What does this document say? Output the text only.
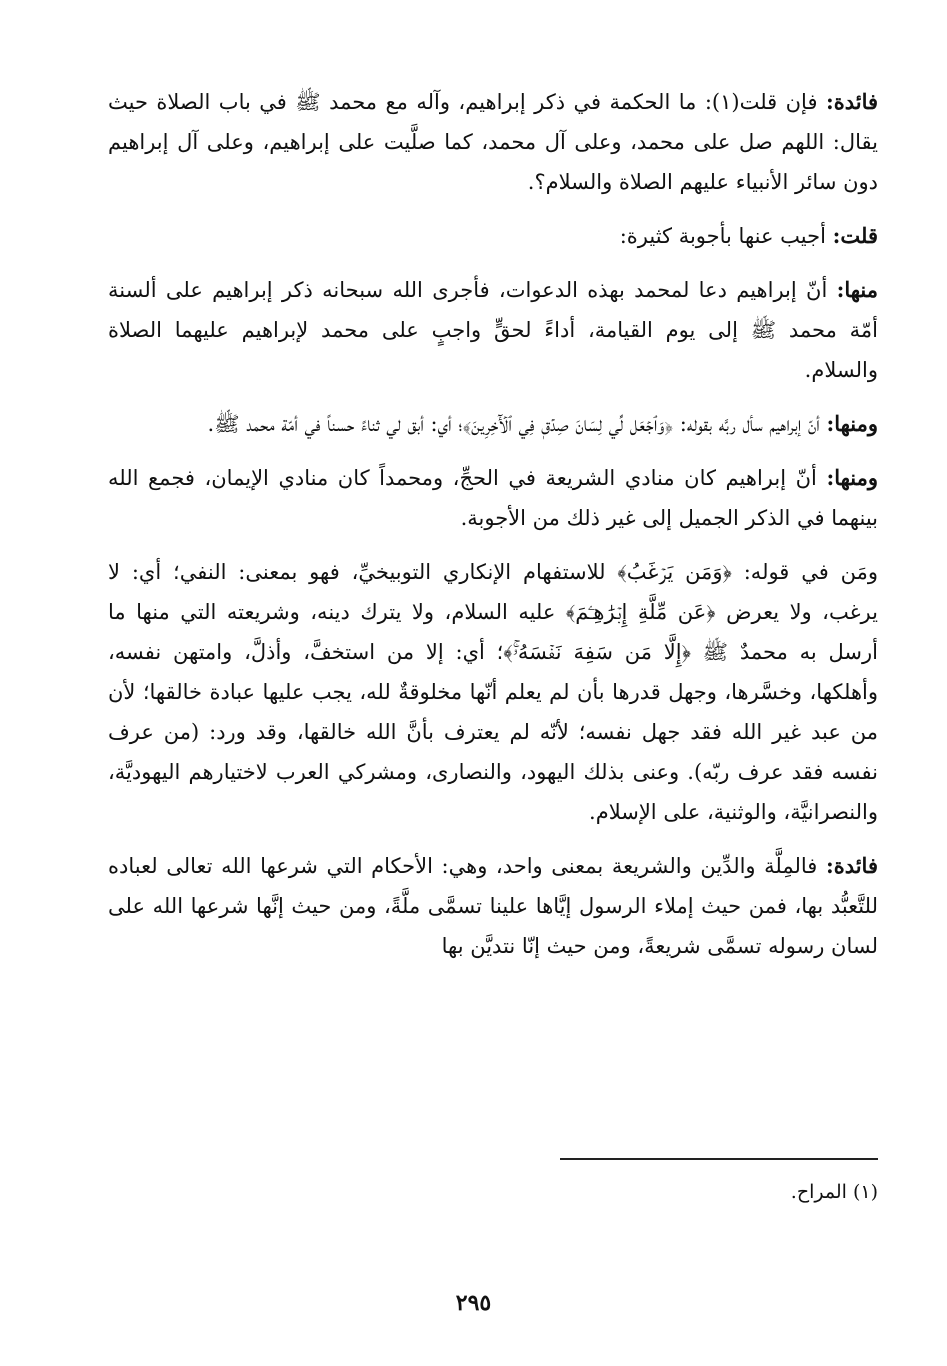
فائدة: فإن قلت(١): ما الحكمة في ذكر إبراهيم، وآله مع محمد ﷺ في باب الصلاة حيث يقال: اللهم صل على محمد، وعلى آل محمد، كما صلَّيت على إبراهيم، وعلى آل إبراهيم دون سائر الأنبياء عليهم الصلاة والسلام؟.

قلت: أجيب عنها بأجوبة كثيرة:

منها: أنّ إبراهيم دعا لمحمد بهذه الدعوات، فأجرى الله سبحانه ذكر إبراهيم على ألسنة أمّة محمد ﷺ إلى يوم القيامة، أداءً لحقٍّ واجبٍ على محمد لإبراهيم عليهما الصلاة والسلام.

ومنها: أنّ إبراهيم سأل ربَّه بقوله: ﴿وَٱجۡعَل لِّي لِسَانَ صِدۡقٖ فِي ٱلۡأٓخِرِينَ﴾؛ أي: أبق لي ثناءً حسناً في أمّة محمد ﷺ.

ومنها: أنّ إبراهيم كان منادي الشريعة في الحجِّ، ومحمداً كان منادي الإيمان، فجمع الله بينهما في الذكر الجميل إلى غير ذلك من الأجوبة.

ومَن في قوله: ﴿وَمَن يَرۡغَبُ﴾ للاستفهام الإنكاري التوبيخيِّ، فهو بمعنى: النفي؛ أي: لا يرغب، ولا يعرض ﴿عَن مِّلَّةِ إِبۡرَٰهِـۧمَ﴾ عليه السلام، ولا يترك دينه، وشريعته التي منها ما أرسل به محمدٌ ﷺ ﴿إِلَّا مَن سَفِهَ نَفۡسَهُۥۚ﴾؛ أي: إلا من استخفَّ، وأذلَّ، وامتهن نفسه، وأهلكها، وخسَّرها، وجهل قدرها بأن لم يعلم أنّها مخلوقةٌ لله، يجب عليها عبادة خالقها؛ لأن من عبد غير الله فقد جهل نفسه؛ لأنّه لم يعترف بأنَّ الله خالقها، وقد ورد: (من عرف نفسه فقد عرف ربّه). وعنى بذلك اليهود، والنصارى، ومشركي العرب لاختيارهم اليهوديَّة، والنصرانيَّة، والوثنية، على الإسلام.

فائدة: فالمِلَّة والدِّين والشريعة بمعنى واحد، وهي: الأحكام التي شرعها الله تعالى لعباده للتَّعبُّد بها، فمن حيث إملاء الرسول إيَّاها علينا تسمَّى ملَّةً، ومن حيث إنَّها شرعها الله على لسان رسوله تسمَّى شريعةً، ومن حيث إنّا نتديَّن بها

(١) المراح.
٢٩٥
